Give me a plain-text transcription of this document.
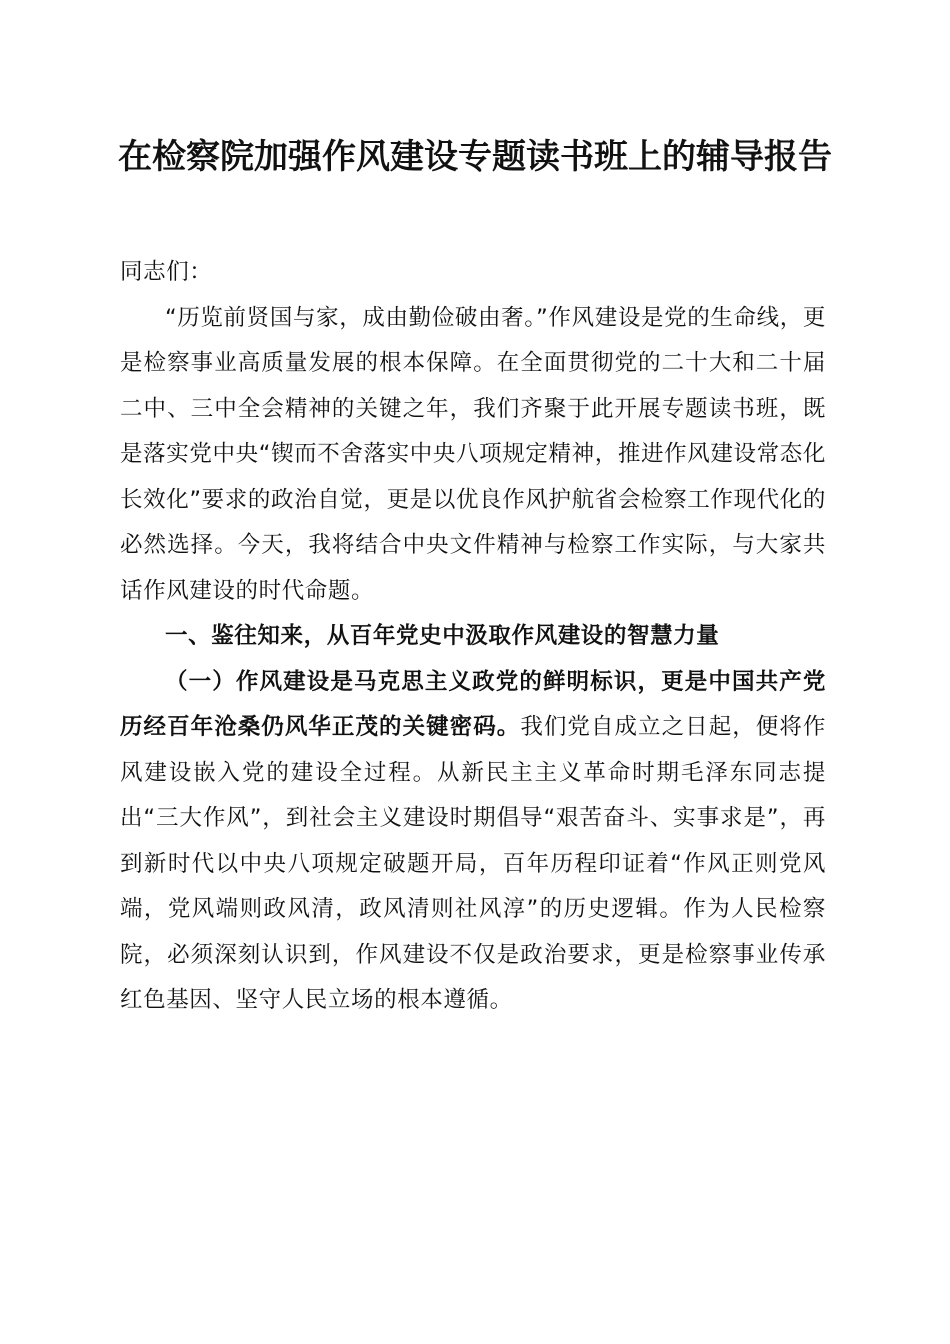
在检察院加强作风建设专题读书班上的辅导报告

同志们：

“历览前贤国与家，成由勤俭破由奢。”作风建设是党的生命线，更是检察事业高质量发展的根本保障。在全面贯彻党的二十大和二十届二中、三中全会精神的关键之年，我们齐聚于此开展专题读书班，既是落实党中央“锲而不舍落实中央八项规定精神，推进作风建设常态化长效化”要求的政治自觉，更是以优良作风护航省会检察工作现代化的必然选择。今天，我将结合中央文件精神与检察工作实际，与大家共话作风建设的时代命题。

一、鉴往知来，从百年党史中汲取作风建设的智慧力量

（一）作风建设是马克思主义政党的鲜明标识，更是中国共产党历经百年沧桑仍风华正茂的关键密码。我们党自成立之日起，便将作风建设嵌入党的建设全过程。从新民主主义革命时期毛泽东同志提出“三大作风”，到社会主义建设时期倡导“艰苦奋斗、实事求是”，再到新时代以中央八项规定破题开局，百年历程印证着“作风正则党风端，党风端则政风清，政风清则社风淳”的历史逻辑。作为人民检察院，必须深刻认识到，作风建设不仅是政治要求，更是检察事业传承红色基因、坚守人民立场的根本遵循。
